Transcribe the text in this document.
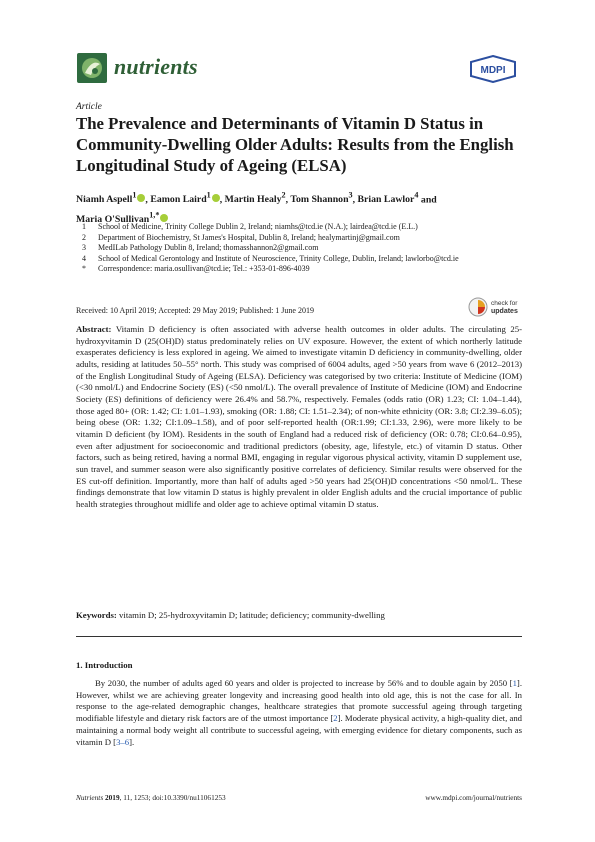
nutrients	MDPI
Article
The Prevalence and Determinants of Vitamin D Status in Community-Dwelling Older Adults: Results from the English Longitudinal Study of Ageing (ELSA)
Niamh Aspell$^1$ , Eamon Laird$^1$ , Martin Healy$^2$, Tom Shannon$^3$, Brian Lawlor$^4$ and
Maria O'Sullivan$^{1,*}$
1	School of Medicine, Trinity College Dublin 2, Ireland; niamhs@tcd.ie (N.A.); lairdea@tcd.ie (E.L.)
2	Department of Biochemistry, St James's Hospital, Dublin 8, Ireland; healymartinj@gmail.com
3	MedILab Pathology Dublin 8, Ireland; thomasshannon2@gmail.com
4	School of Medical Gerontology and Institute of Neuroscience, Trinity College, Dublin, Ireland; lawlorbo@tcd.ie
*	Correspondence: maria.osullivan@tcd.ie; Tel.: +353-01-896-4039
Received: 10 April 2019; Accepted: 29 May 2019; Published: 1 June 2019
check for
updates
Abstract: Vitamin D deficiency is often associated with adverse health outcomes in older adults. The circulating 25-hydroxyvitamin D (25(OH)D) status predominately relies on UV exposure. However, the extent of which northerly latitude exasperates deficiency is less explored in ageing. We aimed to investigate vitamin D deficiency in community-dwelling, older adults, residing at latitudes 50–55° north. This study was comprised of 6004 adults, aged >50 years from wave 6 (2012–2013) of the English Longitudinal Study of Ageing (ELSA). Deficiency was categorised by two criteria: Institute of Medicine (IOM) (<30 nmol/L) and Endocrine Society (ES) (<50 nmol/L). The overall prevalence of Institute of Medicine (IOM) and Endocrine Society (ES) definitions of deficiency were 26.4% and 58.7%, respectively. Females (odds ratio (OR) 1.23; CI: 1.04–1.44), those aged 80+ (OR: 1.42; CI: 1.01–1.93), smoking (OR: 1.88; CI: 1.51–2.34); of non-white ethnicity (OR: 3.8; CI:2.39–6.05); being obese (OR: 1.32; CI:1.09–1.58), and of poor self-reported health (OR:1.99; CI:1.33, 2.96), were more likely to be vitamin D deficient (by IOM). Residents in the south of England had a reduced risk of deficiency (OR: 0.78; CI:0.64–0.95), even after adjustment for socioeconomic and traditional predictors (obesity, age, lifestyle, etc.) of vitamin D status. Other factors, such as being retired, having a normal BMI, engaging in regular vigorous physical activity, vitamin D supplement use, sun travel, and summer season were also significantly positive correlates of deficiency. Similar results were observed for the ES cut-off definition. Importantly, more than half of adults aged >50 years had 25(OH)D concentrations <50 nmol/L. These findings demonstrate that low vitamin D status is highly prevalent in older English adults and the crucial importance of public health strategies throughout midlife and older age to achieve optimal vitamin D status.
Keywords: vitamin D; 25-hydroxyvitamin D; latitude; deficiency; community-dwelling
1. Introduction
By 2030, the number of adults aged 60 years and older is projected to increase by 56% and to double again by 2050 [1]. However, whilst we are achieving greater longevity and increasing good health into old age, this is not the case for all. In response to the age-related demographic changes, healthcare strategies that promote successful ageing through targeting modifiable lifestyle and dietary risk factors are of the utmost importance [2]. Moderate physical activity, a high-quality diet, and maintaining a normal body weight all contribute to successful ageing, with emerging evidence for dietary components, such as vitamin D [3–6].
Nutrients 2019, 11, 1253; doi:10.3390/nu11061253	www.mdpi.com/journal/nutrients
